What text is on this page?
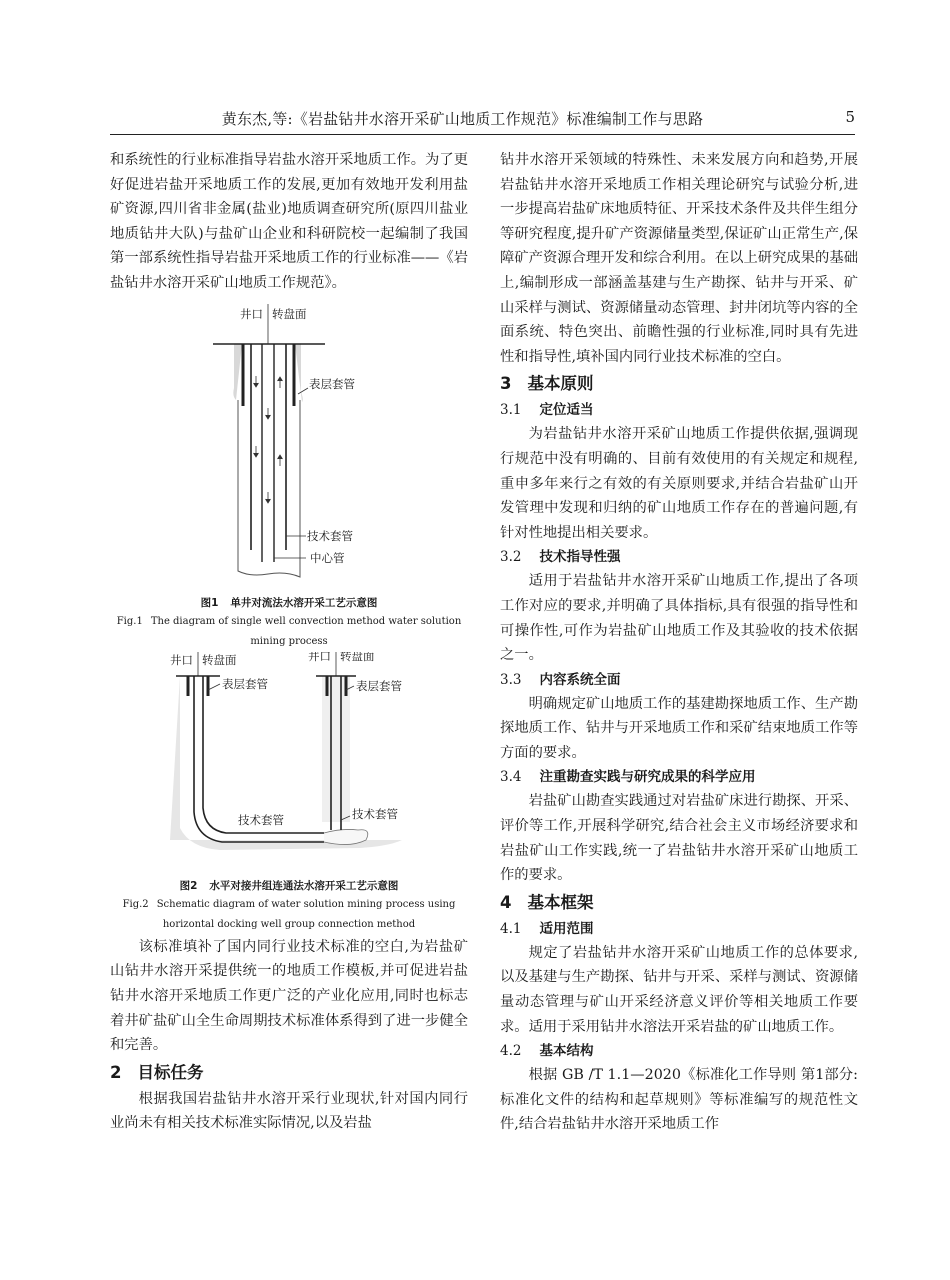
黄东杰,等:《岩盐钻井水溶开采矿山地质工作规范》标准编制工作与思路	5

和系统性的行业标准指导岩盐水溶开采地质工作。为了更好促进岩盐开采地质工作的发展,更加有效地开发利用盐矿资源,四川省非金属(盐业)地质调查研究所(原四川盐业地质钻井大队)与盐矿山企业和科研院校一起编制了我国第一部系统性指导岩盐开采地质工作的行业标准——《岩盐钻井水溶开采矿山地质工作规范》。

井口 转盘面
表层套管
技术套管
中心管
图1 单井对流法水溶开采工艺示意图
Fig.1 The diagram of single well convection method water solution mining process
井口 转盘面	井口 转盘面
表层套管	表层套管
技术套管	技术套管
图2 水平对接井组连通法水溶开采工艺示意图
Fig.2 Schematic diagram of water solution mining process using horizontal docking well group connection method

该标准填补了国内同行业技术标准的空白,为岩盐矿山钻井水溶开采提供统一的地质工作模板,并可促进岩盐钻井水溶开采地质工作更广泛的产业化应用,同时也标志着井矿盐矿山全生命周期技术标准体系得到了进一步健全和完善。

2 目标任务

根据我国岩盐钻井水溶开采行业现状,针对国内同行业尚未有相关技术标准实际情况,以及岩盐

钻井水溶开采领域的特殊性、未来发展方向和趋势,开展岩盐钻井水溶开采地质工作相关理论研究与试验分析,进一步提高岩盐矿床地质特征、开采技术条件及共伴生组分等研究程度,提升矿产资源储量类型,保证矿山正常生产,保障矿产资源合理开发和综合利用。在以上研究成果的基础上,编制形成一部涵盖基建与生产勘探、钻井与开采、矿山采样与测试、资源储量动态管理、封井闭坑等内容的全面系统、特色突出、前瞻性强的行业标准,同时具有先进性和指导性,填补国内同行业技术标准的空白。

3 基本原则
3.1 定位适当

为岩盐钻井水溶开采矿山地质工作提供依据,强调现行规范中没有明确的、目前有效使用的有关规定和规程,重申多年来行之有效的有关原则要求,并结合岩盐矿山开发管理中发现和归纳的矿山地质工作存在的普遍问题,有针对性地提出相关要求。

3.2 技术指导性强

适用于岩盐钻井水溶开采矿山地质工作,提出了各项工作对应的要求,并明确了具体指标,具有很强的指导性和可操作性,可作为岩盐矿山地质工作及其验收的技术依据之一。

3.3 内容系统全面

明确规定矿山地质工作的基建勘探地质工作、生产勘探地质工作、钻井与开采地质工作和采矿结束地质工作等方面的要求。

3.4 注重勘查实践与研究成果的科学应用

岩盐矿山勘查实践通过对岩盐矿床进行勘探、开采、评价等工作,开展科学研究,结合社会主义市场经济要求和岩盐矿山工作实践,统一了岩盐钻井水溶开采矿山地质工作的要求。

4 基本框架
4.1 适用范围

规定了岩盐钻井水溶开采矿山地质工作的总体要求,以及基建与生产勘探、钻井与开采、采样与测试、资源储量动态管理与矿山开采经济意义评价等相关地质工作要求。适用于采用钻井水溶法开采岩盐的矿山地质工作。

4.2 基本结构

根据 GB /T 1.1—2020《标准化工作导则 第1部分:标准化文件的结构和起草规则》等标准编写的规范性文件,结合岩盐钻井水溶开采地质工作
